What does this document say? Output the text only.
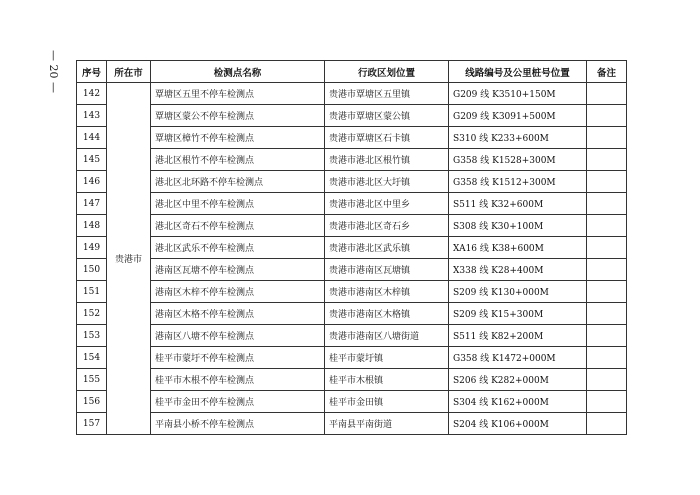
— 20 — 序号	所在市	检测点名称	行政区划位置	线路编号及公里桩号位置	备注
142	贵港市	覃塘区五里不停车检测点	贵港市覃塘区五里镇	G209 线 K3510+150M	
143		覃塘区蒙公不停车检测点	贵港市覃塘区蒙公镇	G209 线 K3091+500M	
144		覃塘区樟竹不停车检测点	贵港市覃塘区石卡镇	S310 线 K233+600M	
145		港北区根竹不停车检测点	贵港市港北区根竹镇	G358 线 K1528+300M	
146		港北区北环路不停车检测点	贵港市港北区大圩镇	G358 线 K1512+300M	
147		港北区中里不停车检测点	贵港市港北区中里乡	S511 线 K32+600M	
148		港北区奇石不停车检测点	贵港市港北区奇石乡	S308 线 K30+100M	
149		港北区武乐不停车检测点	贵港市港北区武乐镇	XA16 线 K38+600M	
150		港南区瓦塘不停车检测点	贵港市港南区瓦塘镇	X338 线 K28+400M	
151		港南区木梓不停车检测点	贵港市港南区木梓镇	S209 线 K130+000M	
152		港南区木格不停车检测点	贵港市港南区木格镇	S209 线 K15+300M	
153		港南区八塘不停车检测点	贵港市港南区八塘街道	S511 线 K82+200M	
154		桂平市蒙圩不停车检测点	桂平市蒙圩镇	G358 线 K1472+000M	
155		桂平市木根不停车检测点	桂平市木根镇	S206 线 K282+000M	
156		桂平市金田不停车检测点	桂平市金田镇	S304 线 K162+000M	
157		平南县小桥不停车检测点	平南县平南街道	S204 线 K106+000M	
